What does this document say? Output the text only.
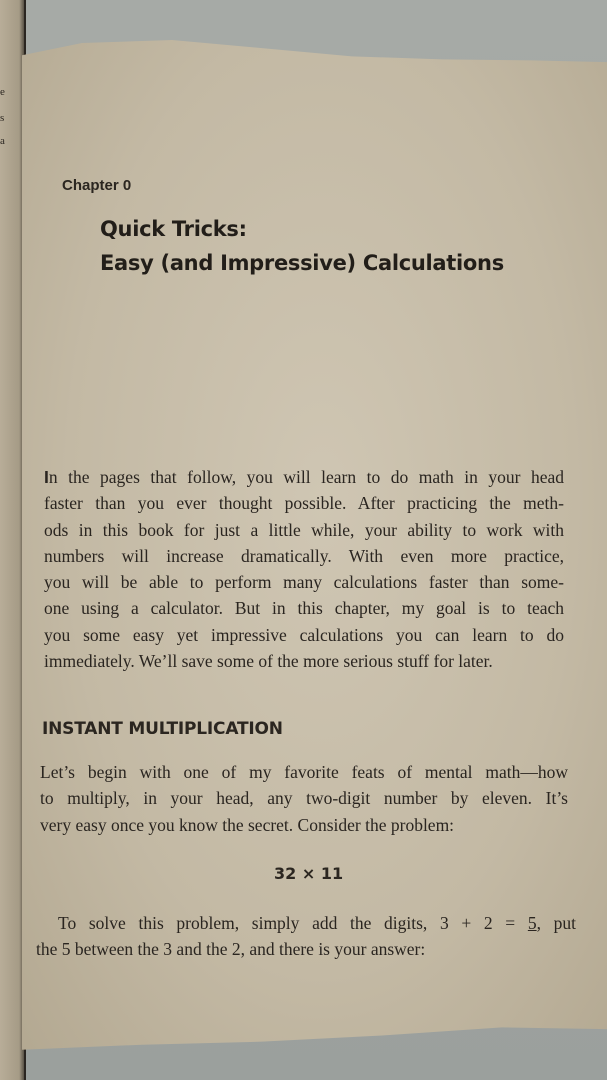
e
s
a
Chapter 0
Quick Tricks:
Easy (and Impressive) Calculations
In the pages that follow, you will learn to do math in your head
faster than you ever thought possible. After practicing the meth-
ods in this book for just a little while, your ability to work with
numbers will increase dramatically. With even more practice,
you will be able to perform many calculations faster than some-
one using a calculator. But in this chapter, my goal is to teach
you some easy yet impressive calculations you can learn to do
immediately. We’ll save some of the more serious stuff for later.
INSTANT MULTIPLICATION
Let’s begin with one of my favorite feats of mental math—how
to multiply, in your head, any two-digit number by eleven. It’s
very easy once you know the secret. Consider the problem:
32 × 11
To solve this problem, simply add the digits, 3 + 2 = 5, put
the 5 between the 3 and the 2, and there is your answer:
